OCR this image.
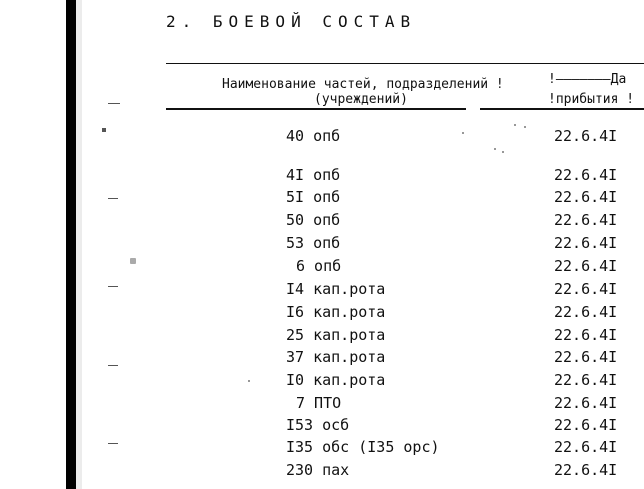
2. БОЕВОЙ СОСТАВ
Наименование частей, подразделений !
(учреждений)
!———————Да
!прибытия !
40 опб	22.6.4I
4I опб	22.6.4I
5I опб	22.6.4I
50 опб	22.6.4I
53 опб	22.6.4I
6 опб	22.6.4I
I4 кап.рота	22.6.4I
I6 кап.рота	22.6.4I
25 кап.рота	22.6.4I
37 кап.рота	22.6.4I
I0 кап.рота	22.6.4I
7 ПТО	22.6.4I
I53 осб	22.6.4I
I35 обс (I35 орс)	22.6.4I
230 пах	22.6.4I
